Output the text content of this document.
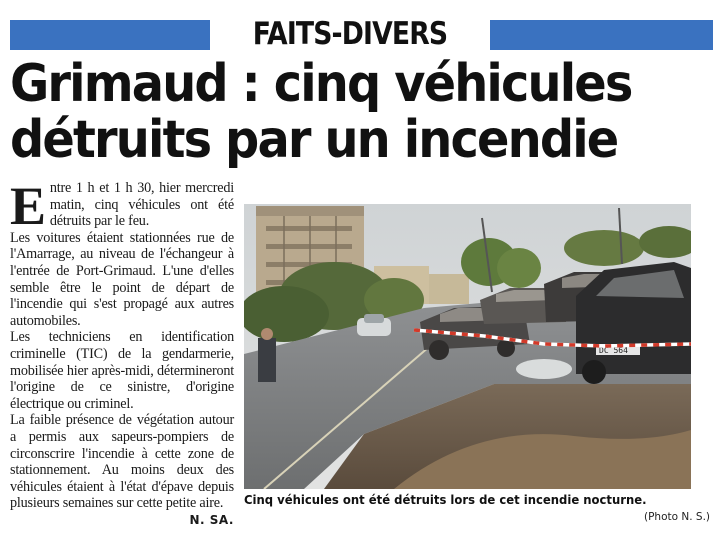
FAITS-DIVERS
Grimaud : cinq véhicules
détruits par un incendie

Entre 1 h et 1 h 30, hier mercredi matin, cinq véhicules ont été détruits par le feu.

Les voitures étaient stationnées rue de l'Amarrage, au niveau de l'échangeur à l'entrée de Port-Grimaud. L'une d'elles semble être le point de départ de l'incendie qui s'est propagé aux autres automobiles.

Les techniciens en identification criminelle (TIC) de la gendarmerie, mobilisée hier après-midi, détermineront l'origine de ce sinistre, d'origine électrique ou criminel.

La faible présence de végétation autour a permis aux sapeurs-pompiers de circonscrire l'incendie à cette zone de stationnement. Au moins deux des véhicules étaient à l'état d'épave depuis plusieurs semaines sur cette petite aire.
N. SA.

DC 564
Cinq véhicules ont été détruits lors de cet incendie nocturne.
(Photo N. S.)
